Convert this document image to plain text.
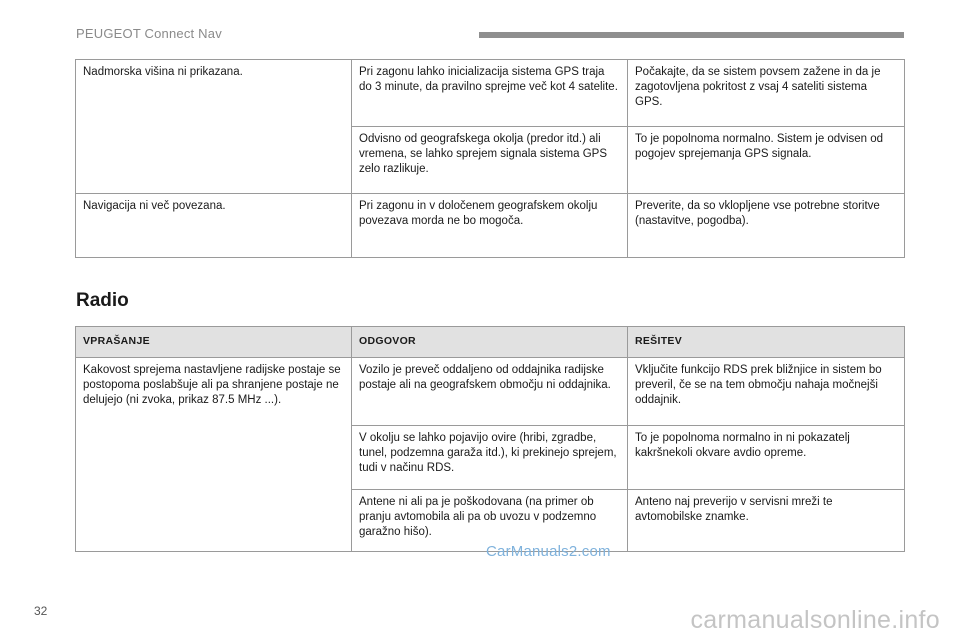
PEUGEOT Connect Nav
Nadmorska višina ni prikazana.	Pri zagonu lahko inicializacija sistema GPS traja do 3 minute, da pravilno sprejme več kot 4 satelite.	Počakajte, da se sistem povsem zažene in da je zagotovljena pokritost z vsaj 4 sateliti sistema GPS.
	Odvisno od geografskega okolja (predor itd.) ali vremena, se lahko sprejem signala sistema GPS zelo razlikuje.	To je popolnoma normalno. Sistem je odvisen od pogojev sprejemanja GPS signala.
Navigacija ni več povezana.	Pri zagonu in v določenem geografskem okolju povezava morda ne bo mogoča.	Preverite, da so vklopljene vse potrebne storitve (nastavitve, pogodba).
Radio
VPRAŠANJE	ODGOVOR	REŠITEV
Kakovost sprejema nastavljene radijske postaje se postopoma poslabšuje ali pa shranjene postaje ne delujejo (ni zvoka, prikaz 87.5 MHz ...).	Vozilo je preveč oddaljeno od oddajnika radijske postaje ali na geografskem območju ni oddajnika.	Vključite funkcijo RDS prek bližnjice in sistem bo preveril, če se na tem območju nahaja močnejši oddajnik.
	V okolju se lahko pojavijo ovire (hribi, zgradbe, tunel, podzemna garaža itd.), ki prekinejo sprejem, tudi v načinu RDS.	To je popolnoma normalno in ni pokazatelj kakršnekoli okvare avdio opreme.
	Antene ni ali pa je poškodovana (na primer ob pranju avtomobila ali pa ob uvozu v podzemno garažno hišo).	Anteno naj preverijo v servisni mreži te avtomobilske znamke.
CarManuals2.com
32	carmanualsonline.info
